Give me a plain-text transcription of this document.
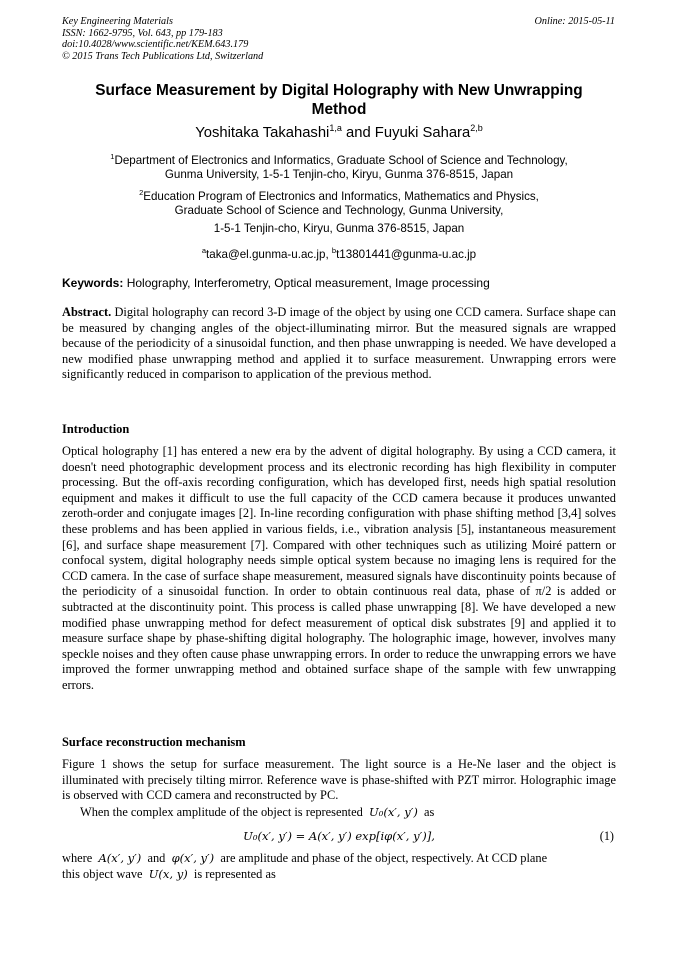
Key Engineering Materials
ISSN: 1662-9795, Vol. 643, pp 179-183
doi:10.4028/www.scientific.net/KEM.643.179
© 2015 Trans Tech Publications Ltd, Switzerland
Online: 2015-05-11
Surface Measurement by Digital Holography with New Unwrapping
Method
Yoshitaka Takahashi$^{1,a}$ and Fuyuki Sahara$^{2,b}$
$^1$Department of Electronics and Informatics, Graduate School of Science and Technology,
Gunma University, 1-5-1 Tenjin-cho, Kiryu, Gunma 376-8515, Japan
$^2$Education Program of Electronics and Informatics, Mathematics and Physics,
Graduate School of Science and Technology, Gunma University,
1-5-1 Tenjin-cho, Kiryu, Gunma 376-8515, Japan
$^a$taka@el.gunma-u.ac.jp, $^b$t13801441@gunma-u.ac.jp
Keywords: Holography, Interferometry, Optical measurement, Image processing
Abstract. Digital holography can record 3-D image of the object by using one CCD camera. Surface shape can be measured by changing angles of the object-illuminating mirror. But the measured signals are wrapped because of the periodicity of a sinusoidal function, and then phase unwrapping is needed. We have developed a new modified phase unwrapping method and applied it to surface measurement. Unwrapping errors were significantly reduced in comparison to application of the previous method.
Introduction
Optical holography [1] has entered a new era by the advent of digital holography. By using a CCD camera, it doesn't need photographic development process and its electronic recording has high flexibility in computer processing. But the off-axis recording configuration, which has developed first, needs high spatial resolution equipment and makes it difficult to use the full capacity of the CCD camera because it produces unwanted zeroth-order and conjugate images [2]. In-line recording configuration with phase shifting method [3,4] solves these problems and has been applied in various fields, i.e., vibration analysis [5], instantaneous measurement [6], and surface shape measurement [7]. Compared with other techniques such as utilizing Moiré pattern or confocal system, digital holography needs simple optical system because no imaging lens is required for the CCD camera. In the case of surface shape measurement, measured signals have discontinuity points because of the periodicity of a sinusoidal function. In order to obtain continuous real data, phase of π/2 is added or subtracted at the discontinuity point. This process is called phase unwrapping [8]. We have developed a new modified phase unwrapping method for defect measurement of optical disk substrates [9] and applied it to measure surface shape by phase-shifting digital holography. The holographic image, however, involves many speckle noises and they often cause phase unwrapping errors. In order to reduce the unwrapping errors we have improved the former unwrapping method and obtained surface shape of the sample with few unwrapping errors.
Surface reconstruction mechanism
Figure 1 shows the setup for surface measurement. The light source is a He-Ne laser and the object is illuminated with precisely tilting mirror. Reference wave is phase-shifted with PZT mirror. Holographic image is observed with CCD camera and reconstructed by PC.
When the complex amplitude of the object is represented U₀(x′, y′) as
U₀(x′, y′) = A(x′, y′) exp[iφ(x′, y′)],	(1)
where A(x′, y′) and φ(x′, y′) are amplitude and phase of the object, respectively. At CCD plane
this object wave U(x, y) is represented as
